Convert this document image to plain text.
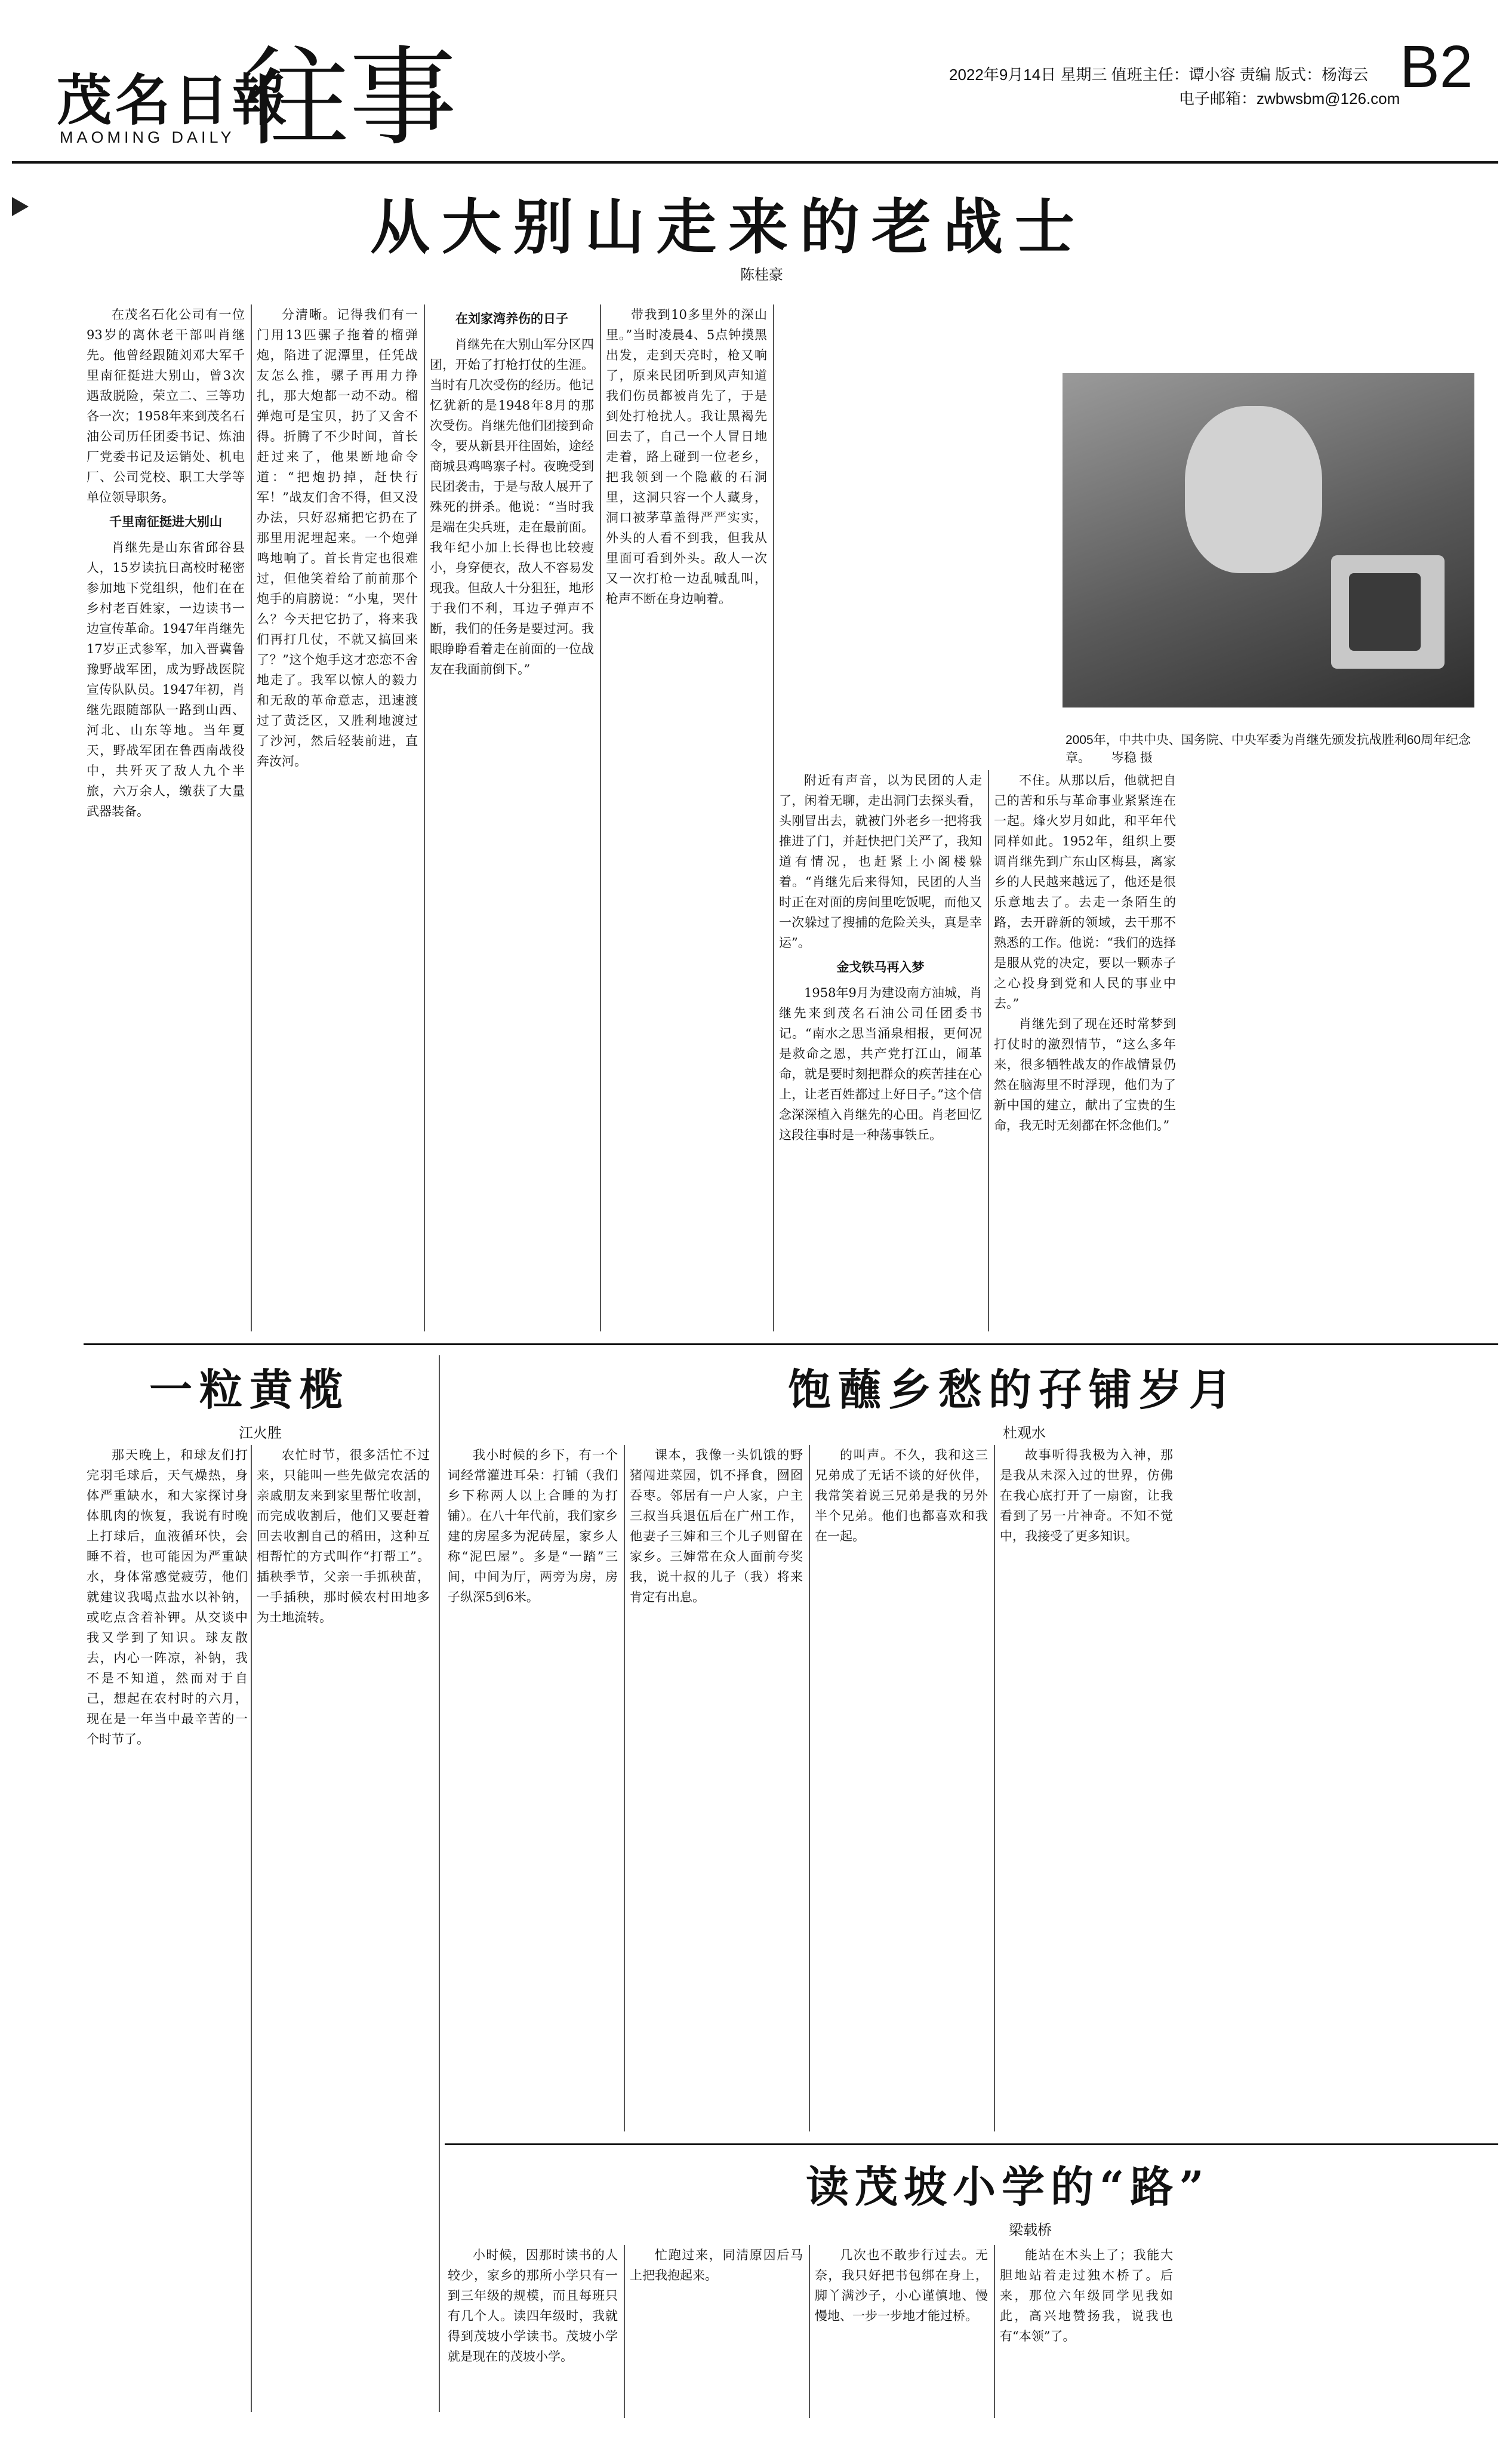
茂名日報
MAOMING DAILY 往事	2022年9月14日 星期三 值班主任：谭小容 责编 版式：杨海云
电子邮箱：zwbwsbm@126.com B2
从大别山走来的老战士
陈桂豪

在茂名石化公司有一位93岁的离休老干部叫肖继先。他曾经跟随刘邓大军千里南征挺进大别山，曾3次遇敌脱险，荣立二、三等功各一次；1958年来到茂名石油公司历任团委书记、炼油厂党委书记及运销处、机电厂、公司党校、职工大学等单位领导职务。

千里南征挺进大别山

肖继先是山东省邱谷县人，15岁读抗日高校时秘密参加地下党组织，他们在在乡村老百姓家，一边读书一边宣传革命。1947年肖继先17岁正式参军，加入晋冀鲁豫野战军团，成为野战医院宣传队队员。1947年初，肖继先跟随部队一路到山西、河北、山东等地。当年夏天，野战军团在鲁西南战役中，共歼灭了敌人九个半旅，六万余人，缴获了大量武器装备。

分清晰。记得我们有一门用13匹骡子拖着的榴弹炮，陷进了泥潭里，任凭战友怎么推，骡子再用力挣扎，那大炮都一动不动。榴弹炮可是宝贝，扔了又舍不得。折腾了不少时间，首长赶过来了，他果断地命令道：“把炮扔掉，赶快行军！”战友们舍不得，但又没办法，只好忍痛把它扔在了那里用泥埋起来。一个炮弹鸣地响了。首长肯定也很难过，但他笑着给了前前那个炮手的肩膀说：“小鬼，哭什么？今天把它扔了，将来我们再打几仗，不就又搞回来了？”这个炮手这才恋恋不舍地走了。我军以惊人的毅力和无敌的革命意志，迅速渡过了黄泛区，又胜利地渡过了沙河，然后轻装前进，直奔汝河。

在刘家湾养伤的日子

肖继先在大别山军分区四团，开始了打枪打仗的生涯。当时有几次受伤的经历。他记忆犹新的是1948年8月的那次受伤。肖继先他们团接到命令，要从新县开往固始，途经商城县鸡鸣寨子村。夜晚受到民团袭击，于是与敌人展开了殊死的拼杀。他说：“当时我是端在尖兵班，走在最前面。我年纪小加上长得也比较瘦小，身穿便衣，敌人不容易发现我。但敌人十分狙狂，地形于我们不利，耳边子弹声不断，我们的任务是要过河。我眼睁睁看着走在前面的一位战友在我面前倒下。”

带我到10多里外的深山里。”当时凌晨4、5点钟摸黑出发，走到天亮时，枪又响了，原来民团听到风声知道我们伤员都被肖先了，于是到处打枪扰人。我让黑褐先回去了，自己一个人冒日地走着，路上碰到一位老乡，把我领到一个隐蔽的石洞里，这洞只容一个人藏身，洞口被茅草盖得严严实实，外头的人看不到我，但我从里面可看到外头。敌人一次又一次打枪一边乱喊乱叫，枪声不断在身边响着。

2005年，中共中央、国务院、中央军委为肖继先颁发抗战胜利60周年纪念章。 岑稳 摄

附近有声音，以为民团的人走了，闲着无聊，走出洞门去探头看，头刚冒出去，就被门外老乡一把将我推进了门，并赶快把门关严了，我知道有情况，也赶紧上小阁楼躲着。“肖继先后来得知，民团的人当时正在对面的房间里吃饭呢，而他又一次躲过了搜捕的危险关头，真是幸运”。

金戈铁马再入梦

1958年9月为建设南方油城，肖继先来到茂名石油公司任团委书记。“南水之思当涌泉相报，更何况是救命之恩，共产党打江山，闹革命，就是要时刻把群众的疾苦挂在心上，让老百姓都过上好日子。”这个信念深深植入肖继先的心田。肖老回忆这段往事时是一种荡事铁丘。

不住。从那以后，他就把自己的苦和乐与革命事业紧紧连在一起。烽火岁月如此，和平年代同样如此。1952年，组织上要调肖继先到广东山区梅县，离家乡的人民越来越远了，他还是很乐意地去了。去走一条陌生的路，去开辟新的领域，去干那不熟悉的工作。他说：“我们的选择是服从党的决定，要以一颗赤子之心投身到党和人民的事业中去。”

肖继先到了现在还时常梦到打仗时的激烈情节，“这么多年来，很多牺牲战友的作战情景仍然在脑海里不时浮现，他们为了新中国的建立，献出了宝贵的生命，我无时无刻都在怀念他们。”

一粒黄榄
江火胜

那天晚上，和球友们打完羽毛球后，天气燥热，身体严重缺水，和大家探讨身体肌肉的恢复，我说有时晚上打球后，血液循环快，会睡不着，也可能因为严重缺水，身体常感觉疲劳，他们就建议我喝点盐水以补钠，或吃点含着补钾。从交谈中我又学到了知识。球友散去，内心一阵凉，补钠，我不是不知道，然而对于自己，想起在农村时的六月，现在是一年当中最辛苦的一个时节了。

农忙时节，很多活忙不过来，只能叫一些先做完农活的亲戚朋友来到家里帮忙收割，而完成收割后，他们又要赶着回去收割自己的稻田，这种互相帮忙的方式叫作“打帮工”。插秧季节，父亲一手抓秧苗，一手插秧，那时候农村田地多为土地流转。

饱蘸乡愁的孖铺岁月
杜观水

我小时候的乡下，有一个词经常灌进耳朵：打铺（我们乡下称两人以上合睡的为打铺）。在八十年代前，我们家乡建的房屋多为泥砖屋，家乡人称“泥巴屋”。多是“一踏”三间，中间为厅，两旁为房，房子纵深5到6米。

课本，我像一头饥饿的野猪闯进菜园，饥不择食，囫囵吞枣。邻居有一户人家，户主三叔当兵退伍后在广州工作，他妻子三婶和三个儿子则留在家乡。三婶常在众人面前夸奖我，说十叔的儿子（我）将来肯定有出息。

的叫声。不久，我和这三兄弟成了无话不谈的好伙伴，我常笑着说三兄弟是我的另外半个兄弟。他们也都喜欢和我在一起。

故事听得我极为入神，那是我从未深入过的世界，仿佛在我心底打开了一扇窗，让我看到了另一片神奇。不知不觉中，我接受了更多知识。

读茂坡小学的“路”
梁载桥

小时候，因那时读书的人较少，家乡的那所小学只有一到三年级的规模，而且每班只有几个人。读四年级时，我就得到茂坡小学读书。茂坡小学就是现在的茂坡小学。

忙跑过来，同清原因后马上把我抱起来。

几次也不敢步行过去。无奈，我只好把书包绑在身上，脚丫满沙子，小心谨慎地、慢慢地、一步一步地才能过桥。

能站在木头上了；我能大胆地站着走过独木桥了。后来，那位六年级同学见我如此，高兴地赞扬我，说我也有“本领”了。
